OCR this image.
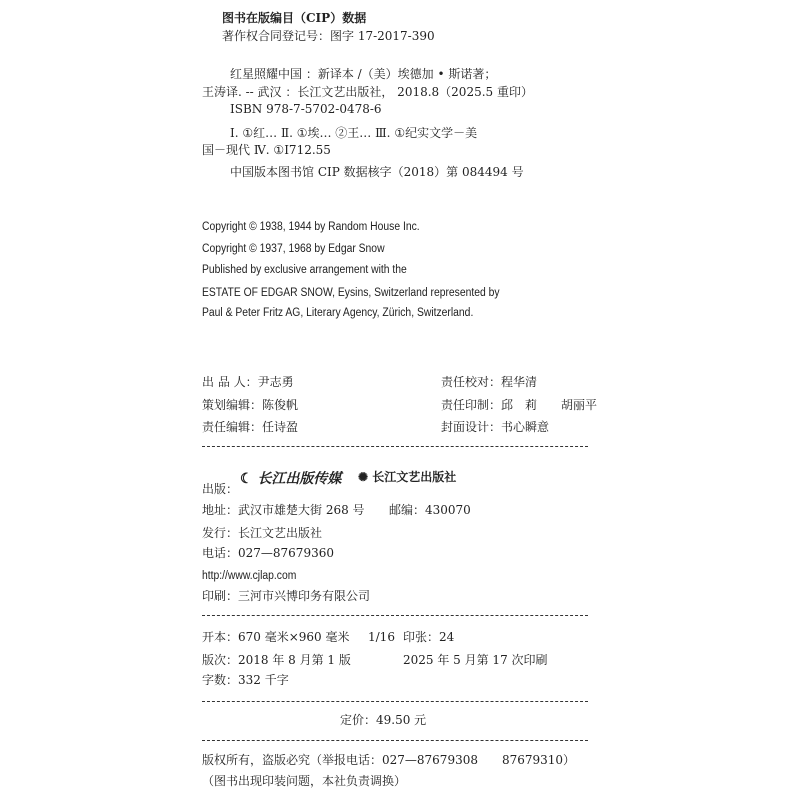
图书在版编目（CIP）数据
著作权合同登记号：图字 17-2017-390
红星照耀中国 ：新译本 /（美）埃德加 • 斯诺著；
王涛译. -- 武汉 ：长江文艺出版社， 2018.8（2025.5 重印）
ISBN 978-7-5702-0478-6
Ⅰ. ①红… Ⅱ. ①埃… ②王… Ⅲ. ①纪实文学－美
国－现代 Ⅳ. ①I712.55
中国版本图书馆 CIP 数据核字（2018）第 084494 号
Copyright © 1938, 1944 by Random House Inc.
Copyright © 1937, 1968 by Edgar Snow
Published by exclusive arrangement with the
ESTATE OF EDGAR SNOW, Eysins, Switzerland represented by
Paul & Peter Fritz AG, Literary Agency, Zürich, Switzerland.
出 品 人：尹志勇
策划编辑：陈俊帆
责任编辑：任诗盈
责任校对：程华清
责任印制：邱　莉　　胡丽平
封面设计：书心瞬意
☾ 长江出版传媒 ✺ 长江文艺出版社
出版：
地址：武汉市雄楚大街 268 号 邮编：430070
发行：长江文艺出版社
电话：027—87679360
http://www.cjlap.com
印刷：三河市兴博印务有限公司
开本：670 毫米×960 毫米 1/16 印张：24
版次：2018 年 8 月第 1 版	2025 年 5 月第 17 次印刷
字数：332 千字
定价：49.50 元
版权所有，盗版必究（举报电话：027—87679308　　87679310）
（图书出现印装问题，本社负责调换）
